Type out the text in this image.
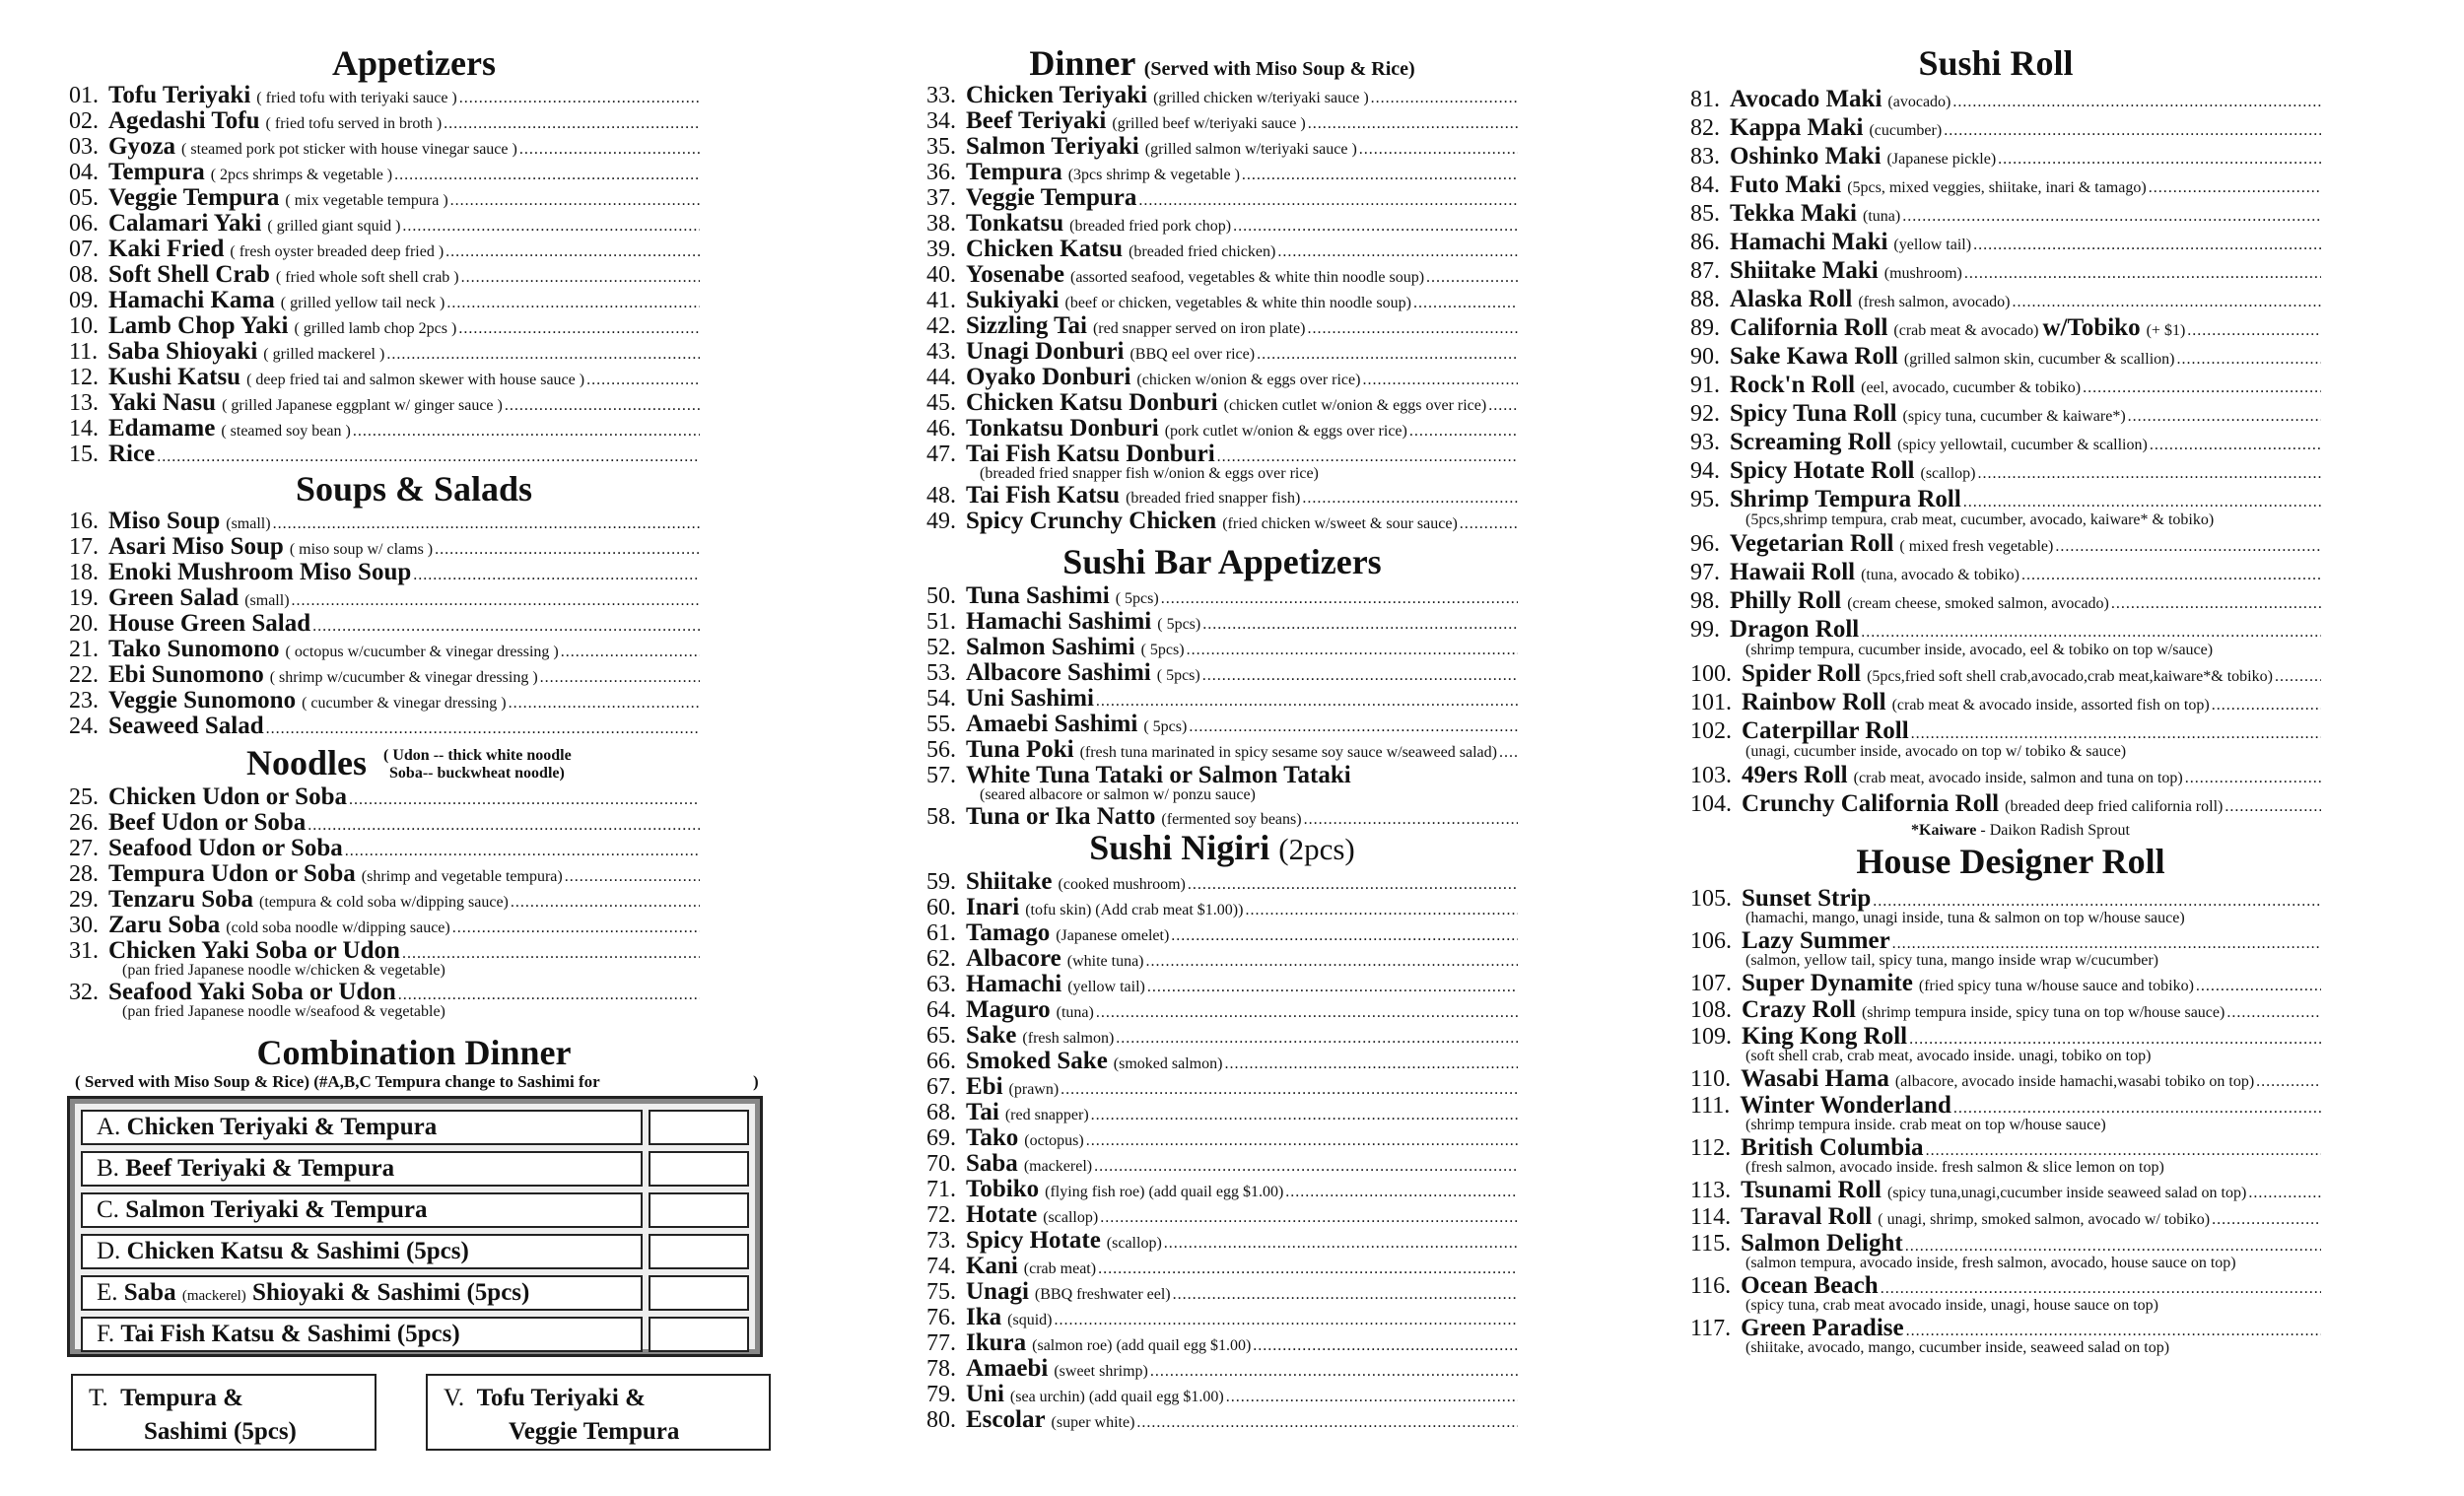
Appetizers
01. Tofu Teriyaki ( fried tofu with teriyaki sauce )
.....
02. Agedashi Tofu ( fried tofu served in broth )
.....
03. Gyoza ( steamed pork pot sticker with house vinegar sauce )
.....
04. Tempura ( 2pcs shrimps & vegetable )
.....
05. Veggie Tempura ( mix vegetable tempura )
.....
06. Calamari Yaki ( grilled giant squid )
.....
07. Kaki Fried ( fresh oyster breaded deep fried )
.....
08. Soft Shell Crab ( fried whole soft shell crab )
.....
09. Hamachi Kama ( grilled yellow tail neck )
.....
10. Lamb Chop Yaki ( grilled lamb chop 2pcs )
.....
11. Saba Shioyaki ( grilled mackerel )
.....
12. Kushi Katsu ( deep fried tai and salmon skewer with house sauce )
.....
13. Yaki Nasu ( grilled Japanese eggplant w/ ginger sauce )
.....
14. Edamame ( steamed soy bean )
.....
15. Rice
.....
Soups & Salads
16. Miso Soup (small)
.....
17. Asari Miso Soup ( miso soup w/ clams )
.....
18. Enoki Mushroom Miso Soup
.....
19. Green Salad (small)
.....
20. House Green Salad
.....
21. Tako Sunomono ( octopus w/cucumber & vinegar dressing )
.....
22. Ebi Sunomono ( shrimp w/cucumber & vinegar dressing )
.....
23. Veggie Sunomono ( cucumber & vinegar dressing )
.....
24. Seaweed Salad
.....
Noodles ( Udon -- thick white noodle
Soba-- buckwheat noodle)
25. Chicken Udon or Soba
.....
26. Beef Udon or Soba
.....
27. Seafood Udon or Soba
.....
28. Tempura Udon or Soba (shrimp and vegetable tempura)
.....
29. Tenzaru Soba (tempura & cold soba w/dipping sauce)
.....
30. Zaru Soba (cold soba noodle w/dipping sauce)
.....
31. Chicken Yaki Soba or Udon
.....
(pan fried Japanese noodle w/chicken & vegetable)
32. Seafood Yaki Soba or Udon
.....
(pan fried Japanese noodle w/seafood & vegetable)
Combination Dinner
( Served with Miso Soup & Rice) (#A,B,C Tempura change to Sashimi for	)
A. Chicken Teriyaki & Tempura
B. Beef Teriyaki & Tempura
C. Salmon Teriyaki & Tempura
D. Chicken Katsu & Sashimi (5pcs)
E. Saba (mackerel) Shioyaki & Sashimi (5pcs)
F. Tai Fish Katsu & Sashimi (5pcs)
T. Tempura &
Sashimi (5pcs)
V. Tofu Teriyaki &
Veggie Tempura
Dinner (Served with Miso Soup & Rice)
33. Chicken Teriyaki (grilled chicken w/teriyaki sauce )
.....
34. Beef Teriyaki (grilled beef w/teriyaki sauce )
.....
35. Salmon Teriyaki (grilled salmon w/teriyaki sauce )
.....
36. Tempura (3pcs shrimp & vegetable )
.....
37. Veggie Tempura
.....
38. Tonkatsu (breaded fried pork chop)
.....
39. Chicken Katsu (breaded fried chicken)
.....
40. Yosenabe (assorted seafood, vegetables & white thin noodle soup)
.....
41. Sukiyaki (beef or chicken, vegetables & white thin noodle soup)
.....
42. Sizzling Tai (red snapper served on iron plate)
.....
43. Unagi Donburi (BBQ eel over rice)
.....
44. Oyako Donburi (chicken w/onion & eggs over rice)
.....
45. Chicken Katsu Donburi (chicken cutlet w/onion & eggs over rice)
.....
46. Tonkatsu Donburi (pork cutlet w/onion & eggs over rice)
.....
47. Tai Fish Katsu Donburi
.....
(breaded fried snapper fish w/onion & eggs over rice)
48. Tai Fish Katsu (breaded fried snapper fish)
.....
49. Spicy Crunchy Chicken (fried chicken w/sweet & sour sauce)
.....
Sushi Bar Appetizers
50. Tuna Sashimi ( 5pcs)
.....
51. Hamachi Sashimi ( 5pcs)
.....
52. Salmon Sashimi ( 5pcs)
.....
53. Albacore Sashimi ( 5pcs)
.....
54. Uni Sashimi
.....
55. Amaebi Sashimi ( 5pcs)
.....
56. Tuna Poki (fresh tuna marinated in spicy sesame soy sauce w/seaweed salad)
.....
57. White Tuna Tataki or Salmon Tataki
(seared albacore or salmon w/ ponzu sauce)
58. Tuna or Ika Natto (fermented soy beans)
.....
Sushi Nigiri (2pcs)
59. Shiitake (cooked mushroom)
.....
60. Inari (tofu skin) (Add crab meat $1.00))
.....
61. Tamago (Japanese omelet)
.....
62. Albacore (white tuna)
.....
63. Hamachi (yellow tail)
.....
64. Maguro (tuna)
.....
65. Sake (fresh salmon)
.....
66. Smoked Sake (smoked salmon)
.....
67. Ebi (prawn)
.....
68. Tai (red snapper)
.....
69. Tako (octopus)
.....
70. Saba (mackerel)
.....
71. Tobiko (flying fish roe) (add quail egg $1.00)
.....
72. Hotate (scallop)
.....
73. Spicy Hotate (scallop)
.....
74. Kani (crab meat)
.....
75. Unagi (BBQ freshwater eel)
.....
76. Ika (squid)
.....
77. Ikura (salmon roe) (add quail egg $1.00)
.....
78. Amaebi (sweet shrimp)
.....
79. Uni (sea urchin) (add quail egg $1.00)
.....
80. Escolar (super white)
.....
Sushi Roll
81. Avocado Maki (avocado)
.....
82. Kappa Maki (cucumber)
.....
83. Oshinko Maki (Japanese pickle)
.....
84. Futo Maki (5pcs, mixed veggies, shiitake, inari & tamago)
.....
85. Tekka Maki (tuna)
.....
86. Hamachi Maki (yellow tail)
.....
87. Shiitake Maki (mushroom)
.....
88. Alaska Roll (fresh salmon, avocado)
.....
89. California Roll (crab meat & avocado) w/Tobiko (+ $1)
.....
90. Sake Kawa Roll (grilled salmon skin, cucumber & scallion)
.....
91. Rock'n Roll (eel, avocado, cucumber & tobiko)
.....
92. Spicy Tuna Roll (spicy tuna, cucumber & kaiware*)
.....
93. Screaming Roll (spicy yellowtail, cucumber & scallion)
.....
94. Spicy Hotate Roll (scallop)
.....
95. Shrimp Tempura Roll
.....
(5pcs,shrimp tempura, crab meat, cucumber, avocado, kaiware* & tobiko)
96. Vegetarian Roll ( mixed fresh vegetable)
.....
97. Hawaii Roll (tuna, avocado & tobiko)
.....
98. Philly Roll (cream cheese, smoked salmon, avocado)
.....
99. Dragon Roll
.....
(shrimp tempura, cucumber inside, avocado, eel & tobiko on top w/sauce)
100. Spider Roll (5pcs,fried soft shell crab,avocado,crab meat,kaiware*& tobiko)
.....
101. Rainbow Roll (crab meat & avocado inside, assorted fish on top)
.....
102. Caterpillar Roll
.....
(unagi, cucumber inside, avocado on top w/ tobiko & sauce)
103. 49ers Roll (crab meat, avocado inside, salmon and tuna on top)
.....
104. Crunchy California Roll (breaded deep fried california roll)
.....
*Kaiware - Daikon Radish Sprout
House Designer Roll
105. Sunset Strip
.....
(hamachi, mango, unagi inside, tuna & salmon on top w/house sauce)
106. Lazy Summer
.....
(salmon, yellow tail, spicy tuna, mango inside wrap w/cucumber)
107. Super Dynamite (fried spicy tuna w/house sauce and tobiko)
.....
108. Crazy Roll (shrimp tempura inside, spicy tuna on top w/house sauce)
.....
109. King Kong Roll
.....
(soft shell crab, crab meat, avocado inside. unagi, tobiko on top)
110. Wasabi Hama (albacore, avocado inside hamachi,wasabi tobiko on top)
.....
111. Winter Wonderland
.....
(shrimp tempura inside. crab meat on top w/house sauce)
112. British Columbia
.....
(fresh salmon, avocado inside. fresh salmon & slice lemon on top)
113. Tsunami Roll (spicy tuna,unagi,cucumber inside seaweed salad on top)
.....
114. Taraval Roll ( unagi, shrimp, smoked salmon, avocado w/ tobiko)
.....
115. Salmon Delight
.....
(salmon tempura, avocado inside, fresh salmon, avocado, house sauce on top)
116. Ocean Beach
.....
(spicy tuna, crab meat avocado inside, unagi, house sauce on top)
117. Green Paradise
.....
(shiitake, avocado, mango, cucumber inside, seaweed salad on top)
